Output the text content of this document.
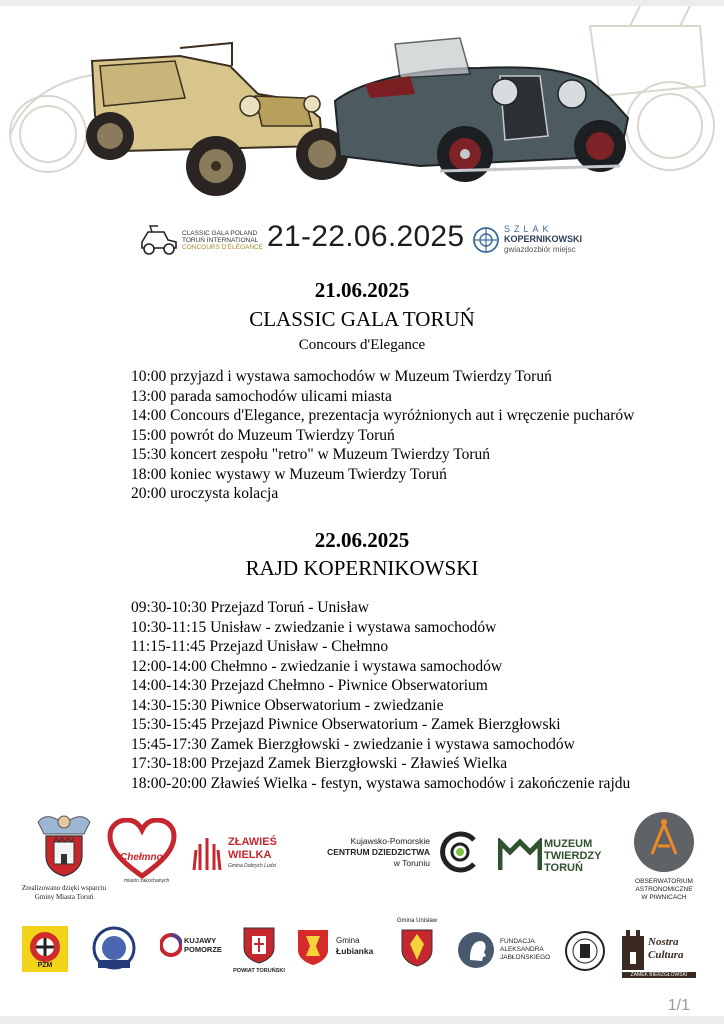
CLASSIC GALA POLAND
TORUŃ INTERNATIONAL
CONCOURS D'ÉLÉGANCE 21-22.06.2025	SZLAK
KOPERNIKOWSKI
gwiazdozbiór miejsc
21.06.2025
CLASSIC GALA TORUŃ
Concours d'Elegance
10:00 przyjazd i wystawa samochodów w Muzeum Twierdzy Toruń
13:00 parada samochodów ulicami miasta
14:00 Concours d'Elegance, prezentacja wyróżnionych aut i wręczenie pucharów
15:00 powrót do Muzeum Twierdzy Toruń
15:30 koncert zespołu "retro" w Muzeum Twierdzy Toruń
18:00 koniec wystawy w Muzeum Twierdzy Toruń
20:00 uroczysta kolacja
22.06.2025
RAJD KOPERNIKOWSKI
09:30-10:30 Przejazd Toruń - Unisław
10:30-11:15 Unisław - zwiedzanie i wystawa samochodów
11:15-11:45 Przejazd Unisław - Chełmno
12:00-14:00 Chełmno - zwiedzanie i wystawa samochodów
14:00-14:30 Przejazd Chełmno - Piwnice Obserwatorium
14:30-15:30 Piwnice Obserwatorium - zwiedzanie
15:30-15:45 Przejazd Piwnice Obserwatorium - Zamek Bierzgłowski
15:45-17:30 Zamek Bierzgłowski - zwiedzanie i wystawa samochodów
17:30-18:00 Przejazd Zamek Bierzgłowski - Zławieś Wielka
18:00-20:00 Zławieś Wielka - festyn, wystawa samochodów i zakończenie rajdu
Zrealizowano dzięki wsparciu
Gminy Miasta Toruń
Chełmno
miasto zakochanych
ZŁAWIEŚ
WIELKA
Gmina Dobrych Ludzi
Kujawsko-Pomorskie
CENTRUM DZIEDZICTWA
w Toruniu
MUZEUM
TWIERDZY
TORUŃ
OBSERWATORIUM
ASTRONOMICZNE
W PIWNICACH
PZM
KUJAWY
POMORZE
POWIAT TORUŃSKI
Gmina
Łubianka
Gmina Unisław
FUNDACJA
ALEKSANDRA
JABŁOŃSKIEGO
Nostra
Cultura
ZAMEK BIERZGŁOWSKI
1/1
